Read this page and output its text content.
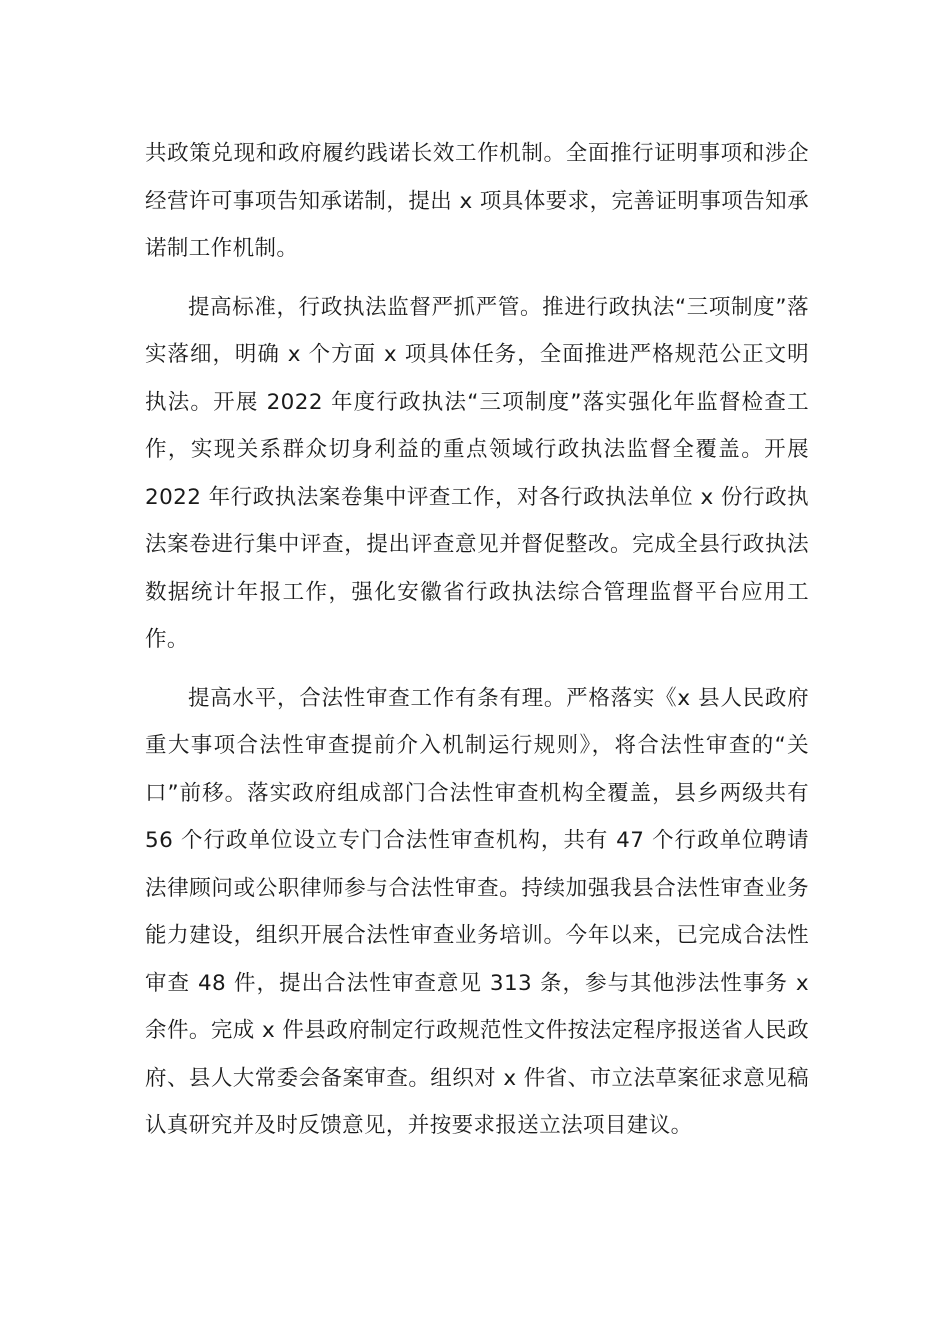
共政策兑现和政府履约践诺长效工作机制。全面推行证明事项和涉企经营许可事项告知承诺制，提出 x 项具体要求，完善证明事项告知承诺制工作机制。

提高标准，行政执法监督严抓严管。推进行政执法“三项制度”落实落细，明确 x 个方面 x 项具体任务，全面推进严格规范公正文明执法。开展 2022 年度行政执法“三项制度”落实强化年监督检查工作，实现关系群众切身利益的重点领域行政执法监督全覆盖。开展 2022 年行政执法案卷集中评查工作，对各行政执法单位 x 份行政执法案卷进行集中评查，提出评查意见并督促整改。完成全县行政执法数据统计年报工作，强化安徽省行政执法综合管理监督平台应用工作。

提高水平，合法性审查工作有条有理。严格落实《x 县人民政府重大事项合法性审查提前介入机制运行规则》，将合法性审查的“关口”前移。落实政府组成部门合法性审查机构全覆盖，县乡两级共有 56 个行政单位设立专门合法性审查机构，共有 47 个行政单位聘请法律顾问或公职律师参与合法性审查。持续加强我县合法性审查业务能力建设，组织开展合法性审查业务培训。今年以来，已完成合法性审查 48 件，提出合法性审查意见 313 条，参与其他涉法性事务 x 余件。完成 x 件县政府制定行政规范性文件按法定程序报送省人民政府、县人大常委会备案审查。组织对 x 件省、市立法草案征求意见稿认真研究并及时反馈意见，并按要求报送立法项目建议。
